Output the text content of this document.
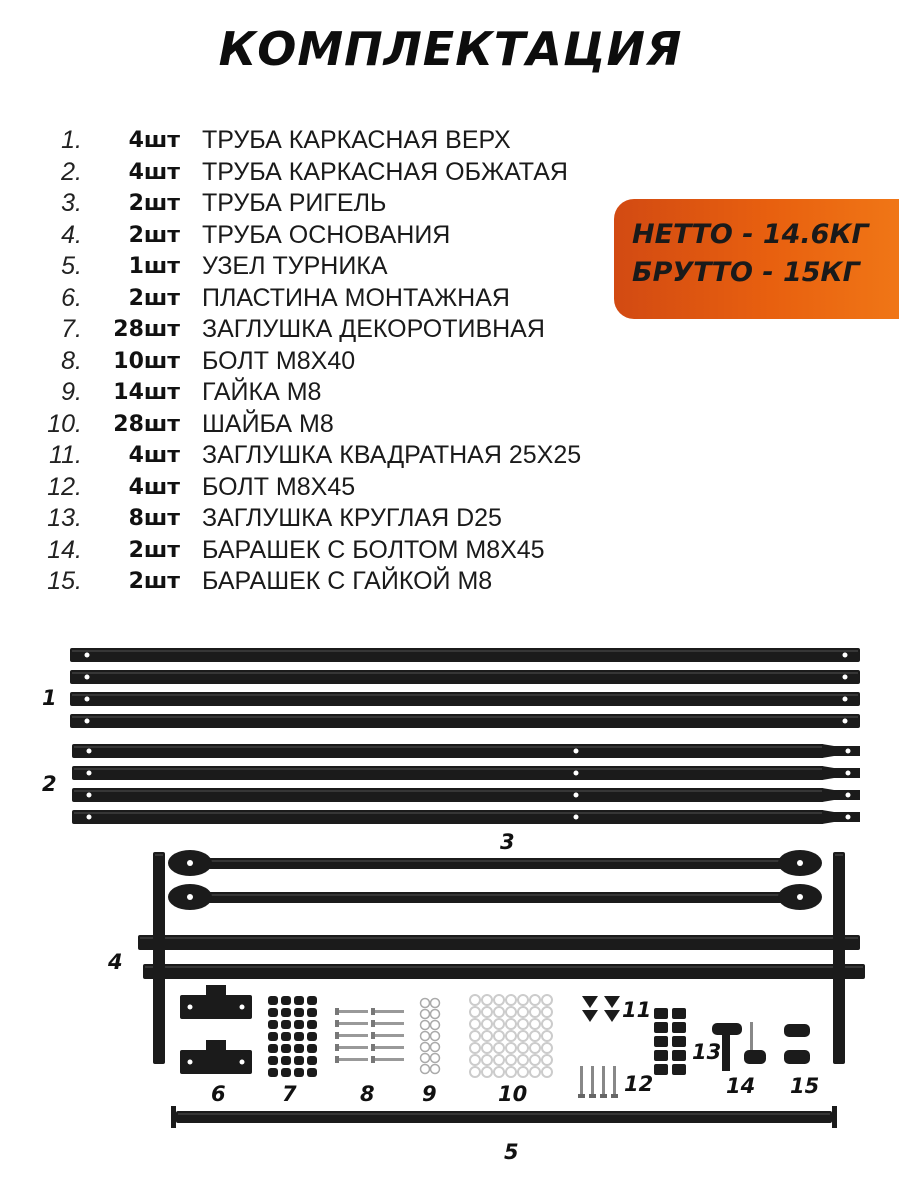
КОМПЛЕКТАЦИЯ
1.	4шт ТРУБА КАРКАСНАЯ ВЕРХ
2.	4шт ТРУБА КАРКАСНАЯ ОБЖАТАЯ
3.	2шт ТРУБА РИГЕЛЬ
4.	2шт ТРУБА ОСНОВАНИЯ
5.	1шт УЗЕЛ ТУРНИКА
6.	2шт ПЛАСТИНА МОНТАЖНАЯ
7.	28шт ЗАГЛУШКА ДЕКОРОТИВНАЯ
8.	10шт БОЛТ М8Х40
9.	14шт ГАЙКА М8
10.	28шт ШАЙБА М8
11.	4шт ЗАГЛУШКА КВАДРАТНАЯ 25Х25
12.	4шт БОЛТ М8Х45
13.	8шт ЗАГЛУШКА КРУГЛАЯ D25
14.	2шт БАРАШЕК С БОЛТОМ М8Х45
15.	2шт БАРАШЕК С ГАЙКОЙ М8
НЕТТО - 14.6КГ
БРУТТО - 15КГ
1
2
3
4
5
6	7	8 9	10
11
12
13
14 15
